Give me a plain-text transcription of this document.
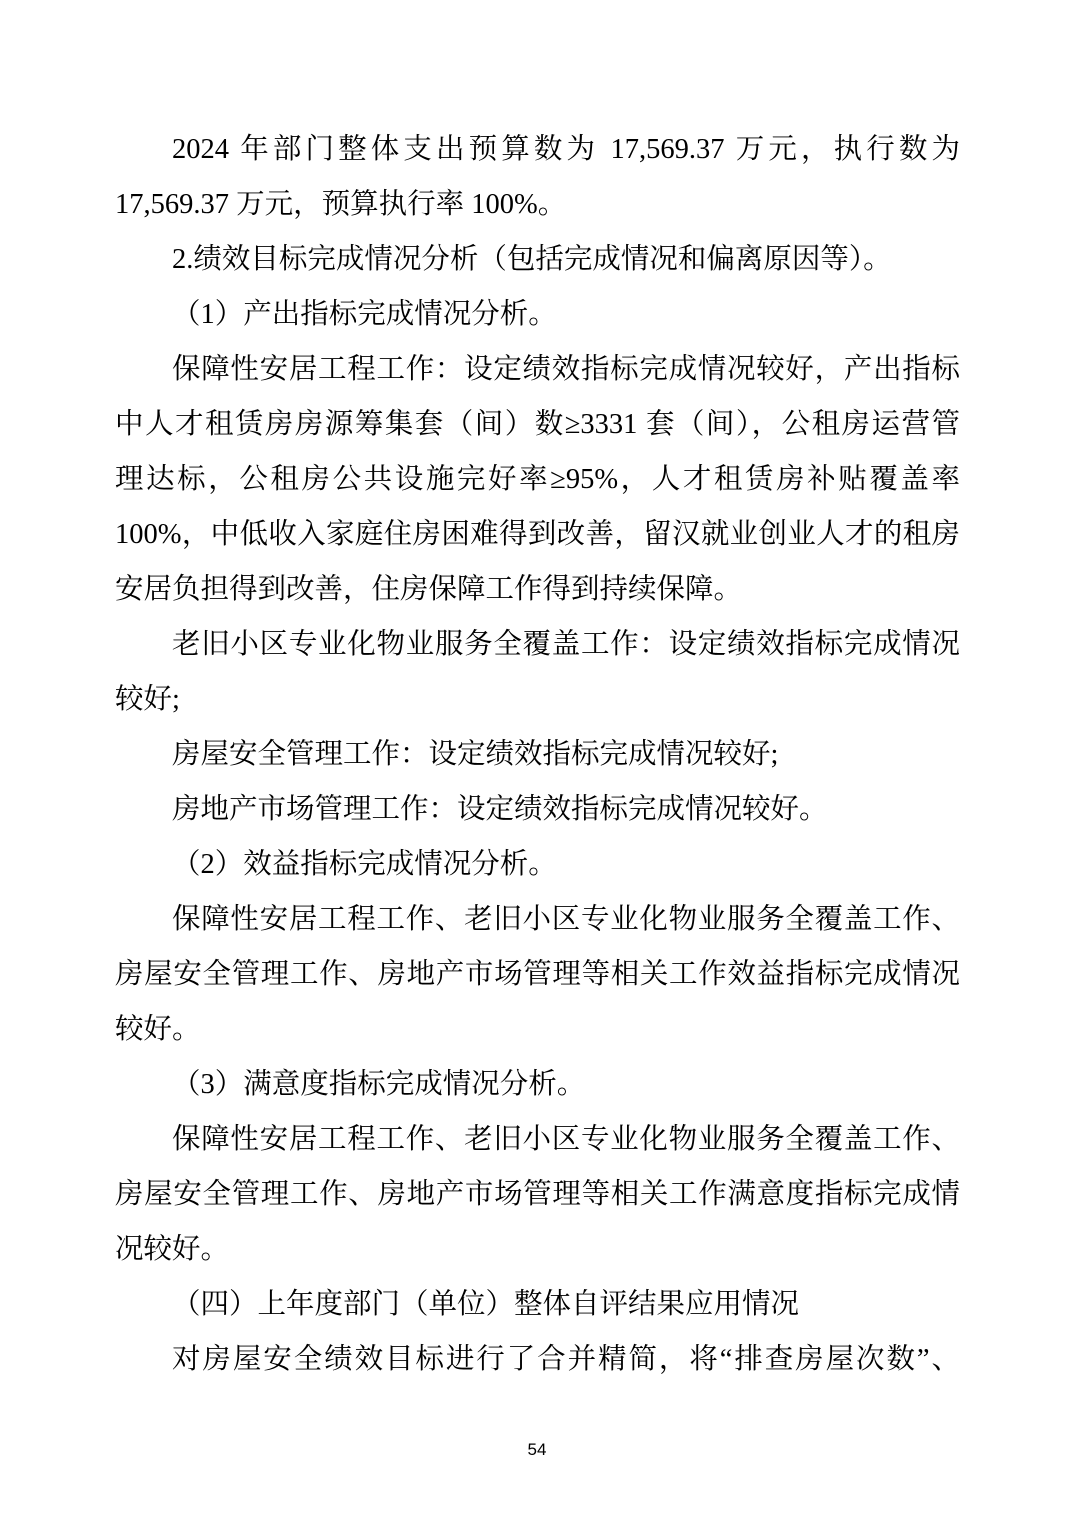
2024 年部门整体支出预算数为 17,569.37 万元，执行数为
17,569.37 万元，预算执行率 100%。
2.绩效目标完成情况分析（包括完成情况和偏离原因等）。
（1）产出指标完成情况分析。
保障性安居工程工作：设定绩效指标完成情况较好，产出指标
中人才租赁房房源筹集套（间）数≥3331 套（间），公租房运营管
理达标，公租房公共设施完好率≥95%，人才租赁房补贴覆盖率
100%，中低收入家庭住房困难得到改善，留汉就业创业人才的租房
安居负担得到改善，住房保障工作得到持续保障。
老旧小区专业化物业服务全覆盖工作：设定绩效指标完成情况
较好;
房屋安全管理工作：设定绩效指标完成情况较好;
房地产市场管理工作：设定绩效指标完成情况较好。
（2）效益指标完成情况分析。
保障性安居工程工作、老旧小区专业化物业服务全覆盖工作、
房屋安全管理工作、房地产市场管理等相关工作效益指标完成情况
较好。
（3）满意度指标完成情况分析。
保障性安居工程工作、老旧小区专业化物业服务全覆盖工作、
房屋安全管理工作、房地产市场管理等相关工作满意度指标完成情
况较好。
（四）上年度部门（单位）整体自评结果应用情况
对房屋安全绩效目标进行了合并精简，将“排查房屋次数”、
54
